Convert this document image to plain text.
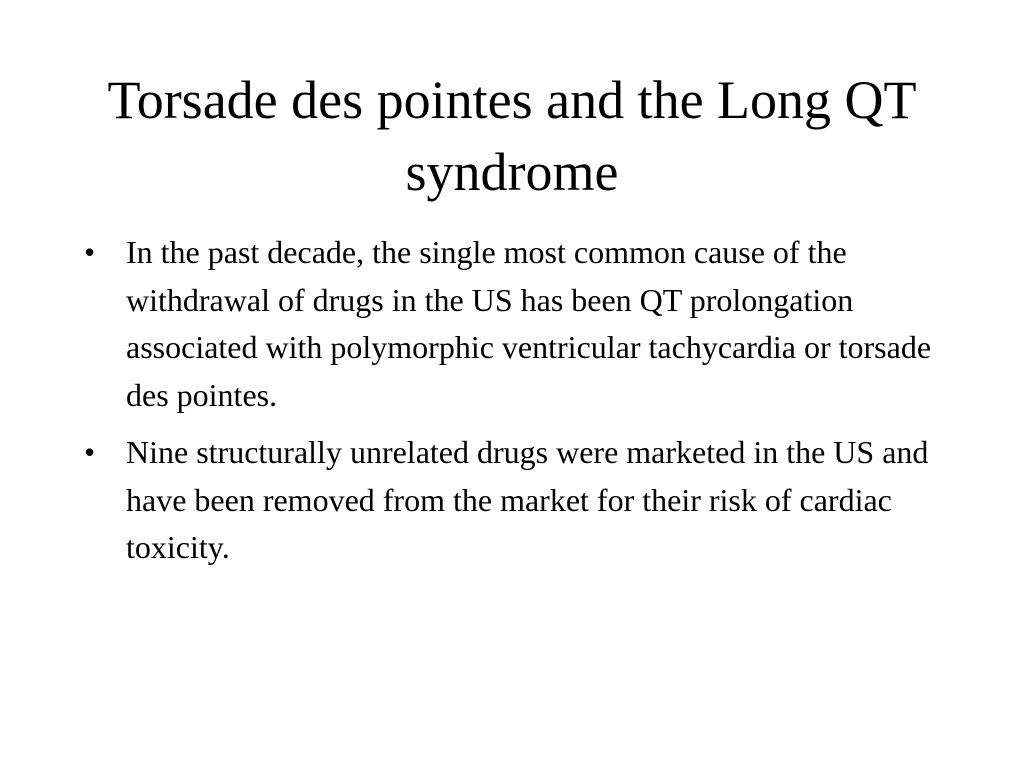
Torsade des pointes and the Long QT syndrome
• In the past decade, the single most common cause of the withdrawal of drugs in the US has been QT prolongation associated with polymorphic ventricular tachycardia or torsade des pointes.
• Nine structurally unrelated drugs were marketed in the US and have been removed from the market for their risk of cardiac toxicity.
